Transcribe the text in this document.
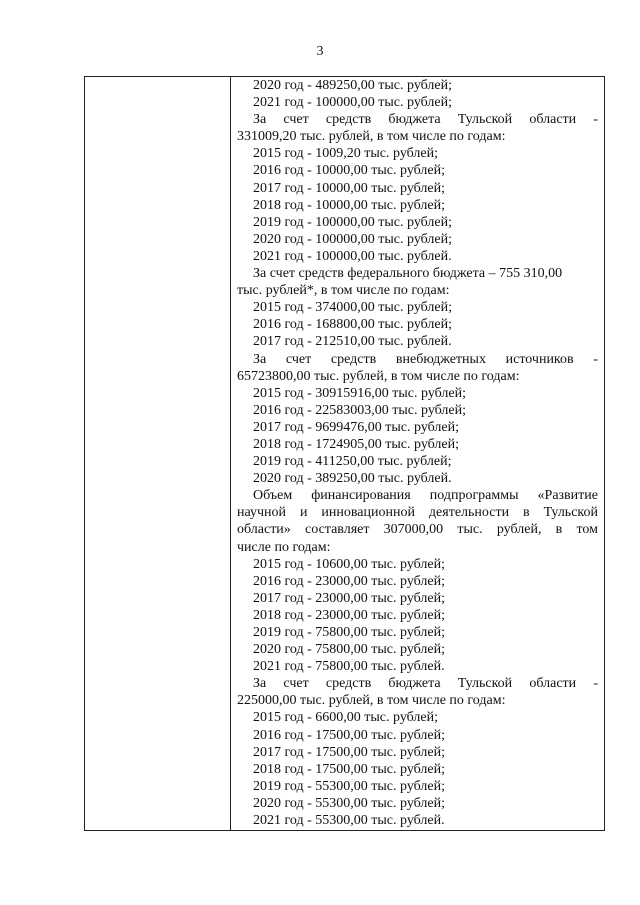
3
2020 год - 489250,00 тыс. рублей;
2021 год - 100000,00 тыс. рублей;
За счет средств бюджета Тульской области -
331009,20 тыс. рублей, в том числе по годам:
2015 год - 1009,20 тыс. рублей;
2016 год - 10000,00 тыс. рублей;
2017 год - 10000,00 тыс. рублей;
2018 год - 10000,00 тыс. рублей;
2019 год - 100000,00 тыс. рублей;
2020 год - 100000,00 тыс. рублей;
2021 год - 100000,00 тыс. рублей.
За счет средств федерального бюджета – 755 310,00
тыс. рублей*, в том числе по годам:
2015 год - 374000,00 тыс. рублей;
2016 год - 168800,00 тыс. рублей;
2017 год - 212510,00 тыс. рублей.
За счет средств внебюджетных источников -
65723800,00 тыс. рублей, в том числе по годам:
2015 год - 30915916,00 тыс. рублей;
2016 год - 22583003,00 тыс. рублей;
2017 год - 9699476,00 тыс. рублей;
2018 год - 1724905,00 тыс. рублей;
2019 год - 411250,00 тыс. рублей;
2020 год - 389250,00 тыс. рублей.
Объем финансирования подпрограммы «Развитие
научной и инновационной деятельности в Тульской
области» составляет 307000,00 тыс. рублей, в том
числе по годам:
2015 год - 10600,00 тыс. рублей;
2016 год - 23000,00 тыс. рублей;
2017 год - 23000,00 тыс. рублей;
2018 год - 23000,00 тыс. рублей;
2019 год - 75800,00 тыс. рублей;
2020 год - 75800,00 тыс. рублей;
2021 год - 75800,00 тыс. рублей.
За счет средств бюджета Тульской области -
225000,00 тыс. рублей, в том числе по годам:
2015 год - 6600,00 тыс. рублей;
2016 год - 17500,00 тыс. рублей;
2017 год - 17500,00 тыс. рублей;
2018 год - 17500,00 тыс. рублей;
2019 год - 55300,00 тыс. рублей;
2020 год - 55300,00 тыс. рублей;
2021 год - 55300,00 тыс. рублей.
